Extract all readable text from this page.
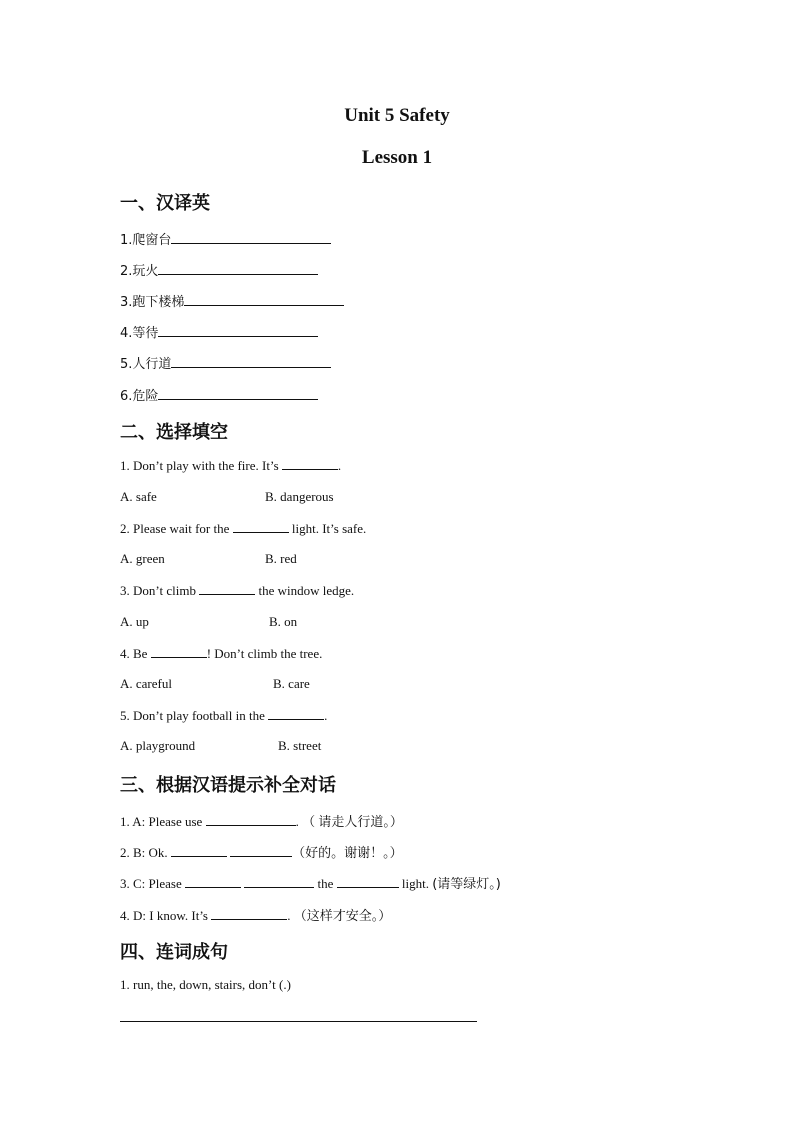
Unit 5 Safety
Lesson 1
一、汉译英
1.爬窗台
2.玩火
3.跑下楼梯
4.等待
5.人行道
6.危险
二、选择填空
1. Don’t play with the fire. It’s	.
A. safe	B. dangerous
2. Please wait for the	light. It’s safe.
A. green	B. red
3. Don’t climb	the window ledge.
A. up	B. on
4. Be	! Don’t climb the tree.
A. careful	B. care
5. Don’t play football in the	.
A. playground	B. street
三、根据汉语提示补全对话
1. A: Please use	. （ 请走人行道。）
2. B: Ok.	（好的。谢谢！。）
3. C: Please	the	light. (请等绿灯。)
4. D: I know. It’s	. （这样才安全。）
四、连词成句
1. run, the, down, stairs, don’t (.)
